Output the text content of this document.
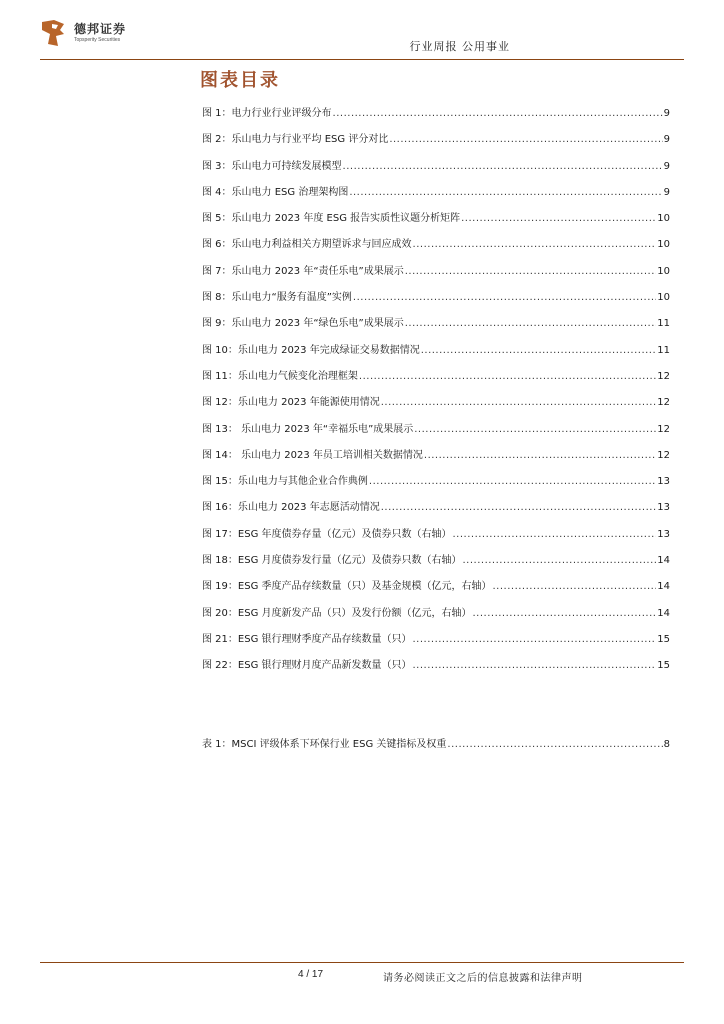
德邦证券
Topsperity Securities	行业周报 公用事业
图表目录
图 1：电力行业行业评级分布 .....	9
图 2：乐山电力与行业平均 ESG 评分对比 .....	9
图 3：乐山电力可持续发展模型 .....	9
图 4：乐山电力 ESG 治理架构图 .....	9
图 5：乐山电力 2023 年度 ESG 报告实质性议题分析矩阵 .....	10
图 6：乐山电力利益相关方期望诉求与回应成效 .....	10
图 7：乐山电力 2023 年“责任乐电”成果展示 .....	10
图 8：乐山电力“服务有温度”实例 .....	10
图 9：乐山电力 2023 年“绿色乐电”成果展示 .....	11
图 10：乐山电力 2023 年完成绿证交易数据情况 .....	11
图 11：乐山电力气候变化治理框架 .....	12
图 12：乐山电力 2023 年能源使用情况 .....	12
图 13： 乐山电力 2023 年“幸福乐电”成果展示 .....	12
图 14： 乐山电力 2023 年员工培训相关数据情况 .....	12
图 15：乐山电力与其他企业合作典例 .....	13
图 16：乐山电力 2023 年志愿活动情况 .....	13
图 17：ESG 年度债券存量（亿元）及债券只数（右轴） .....	13
图 18：ESG 月度债券发行量（亿元）及债券只数（右轴） .....	14
图 19：ESG 季度产品存续数量（只）及基金规模（亿元，右轴） .....	14
图 20：ESG 月度新发产品（只）及发行份额（亿元，右轴） .....	14
图 21：ESG 银行理财季度产品存续数量（只） .....	15
图 22：ESG 银行理财月度产品新发数量（只） .....	15
表 1：MSCI 评级体系下环保行业 ESG 关键指标及权重 .....	8
4 / 17	请务必阅读正文之后的信息披露和法律声明
